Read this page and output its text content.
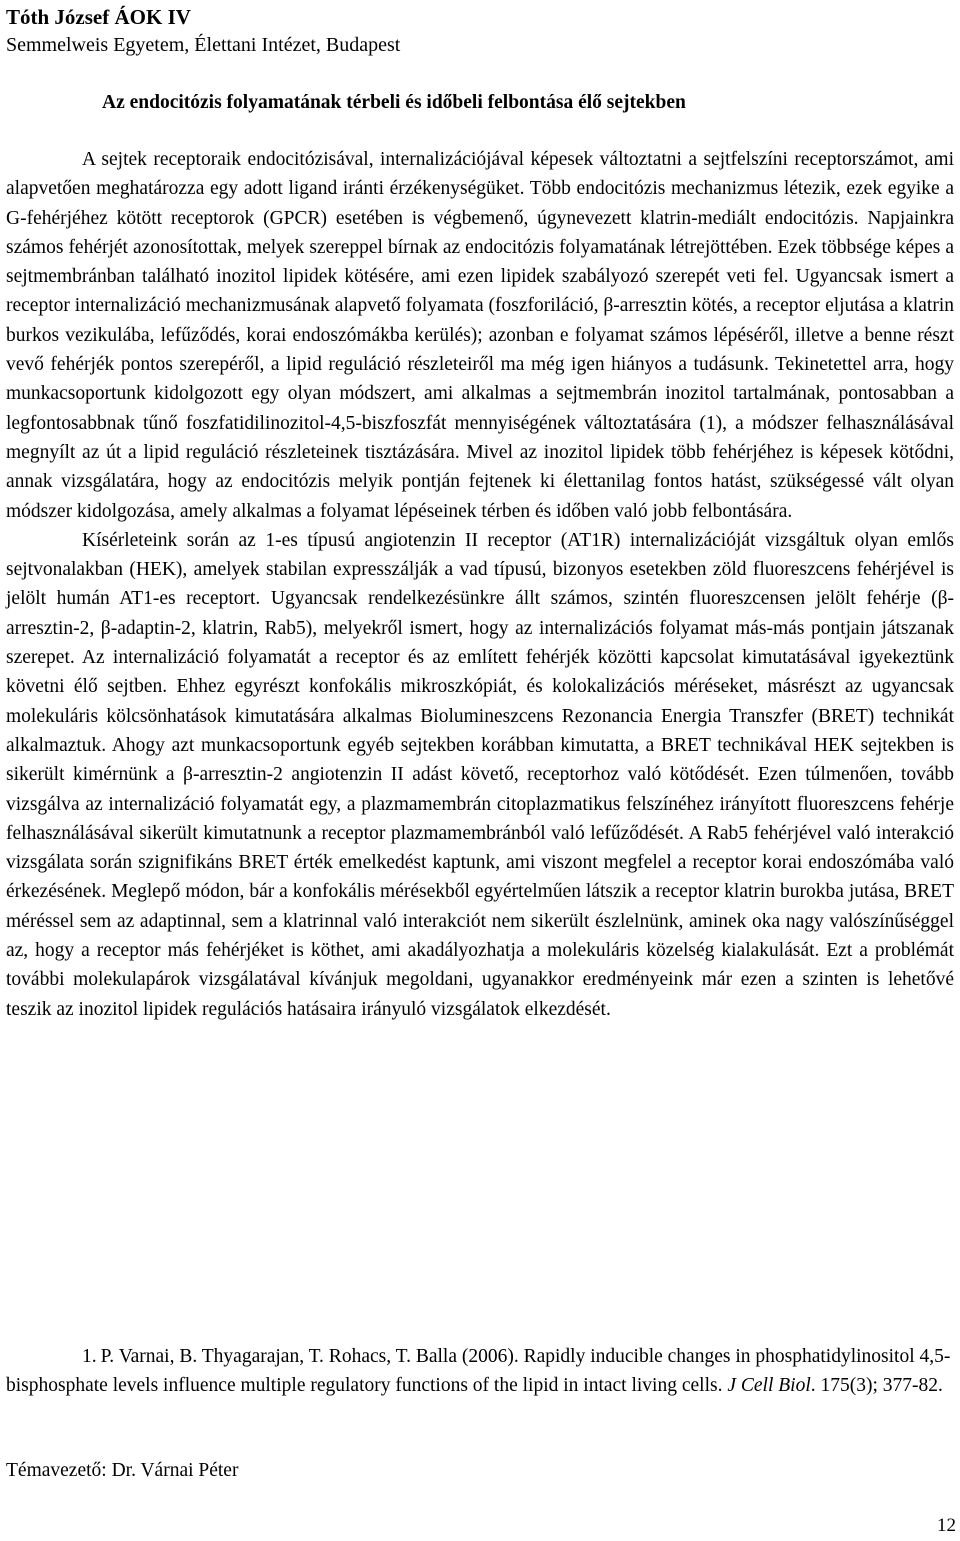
Tóth József ÁOK IV
Semmelweis Egyetem, Élettani Intézet, Budapest
Az endocitózis folyamatának térbeli és időbeli felbontása élő sejtekben

A sejtek receptoraik endocitózisával, internalizációjával képesek változtatni a sejtfelszíni receptorszámot, ami alapvetően meghatározza egy adott ligand iránti érzékenységüket. Több endocitózis mechanizmus létezik, ezek egyike a G-fehérjéhez kötött receptorok (GPCR) esetében is végbemenő, úgynevezett klatrin-mediált endocitózis. Napjainkra számos fehérjét azonosítottak, melyek szereppel bírnak az endocitózis folyamatának létrejöttében. Ezek többsége képes a sejtmembránban található inozitol lipidek kötésére, ami ezen lipidek szabályozó szerepét veti fel. Ugyancsak ismert a receptor internalizáció mechanizmusának alapvető folyamata (foszforiláció, β-arresztin kötés, a receptor eljutása a klatrin burkos vezikulába, lefűződés, korai endoszómákba kerülés); azonban e folyamat számos lépéséről, illetve a benne részt vevő fehérjék pontos szerepéről, a lipid reguláció részleteiről ma még igen hiányos a tudásunk. Tekinetettel arra, hogy munkacsoportunk kidolgozott egy olyan módszert, ami alkalmas a sejtmembrán inozitol tartalmának, pontosabban a legfontosabbnak tűnő foszfatidilinozitol-4,5-biszfoszfát mennyiségének változtatására (1), a módszer felhasználásával megnyílt az út a lipid reguláció részleteinek tisztázására. Mivel az inozitol lipidek több fehérjéhez is képesek kötődni, annak vizsgálatára, hogy az endocitózis melyik pontján fejtenek ki élettanilag fontos hatást, szükségessé vált olyan módszer kidolgozása, amely alkalmas a folyamat lépéseinek térben és időben való jobb felbontására.

Kísérleteink során az 1-es típusú angiotenzin II receptor (AT1R) internalizációját vizsgáltuk olyan emlős sejtvonalakban (HEK), amelyek stabilan expresszálják a vad típusú, bizonyos esetekben zöld fluoreszcens fehérjével is jelölt humán AT1-es receptort. Ugyancsak rendelkezésünkre állt számos, szintén fluoreszcensen jelölt fehérje (β-arresztin-2, β-adaptin-2, klatrin, Rab5), melyekről ismert, hogy az internalizációs folyamat más-más pontjain játszanak szerepet. Az internalizáció folyamatát a receptor és az említett fehérjék közötti kapcsolat kimutatásával igyekeztünk követni élő sejtben. Ehhez egyrészt konfokális mikroszkópiát, és kolokalizációs méréseket, másrészt az ugyancsak molekuláris kölcsönhatások kimutatására alkalmas Biolumineszcens Rezonancia Energia Transzfer (BRET) technikát alkalmaztuk. Ahogy azt munkacsoportunk egyéb sejtekben korábban kimutatta, a BRET technikával HEK sejtekben is sikerült kimérnünk a β-arresztin-2 angiotenzin II adást követő, receptorhoz való kötődését. Ezen túlmenően, tovább vizsgálva az internalizáció folyamatát egy, a plazmamembrán citoplazmatikus felszínéhez irányított fluoreszcens fehérje felhasználásával sikerült kimutatnunk a receptor plazmamembránból való lefűződését. A Rab5 fehérjével való interakció vizsgálata során szignifikáns BRET érték emelkedést kaptunk, ami viszont megfelel a receptor korai endoszómába való érkezésének. Meglepő módon, bár a konfokális mérésekből egyértelműen látszik a receptor klatrin burokba jutása, BRET méréssel sem az adaptinnal, sem a klatrinnal való interakciót nem sikerült észlelnünk, aminek oka nagy valószínűséggel az, hogy a receptor más fehérjéket is köthet, ami akadályozhatja a molekuláris közelség kialakulását. Ezt a problémát további molekulapárok vizsgálatával kívánjuk megoldani, ugyanakkor eredményeink már ezen a szinten is lehetővé teszik az inozitol lipidek regulációs hatásaira irányuló vizsgálatok elkezdését.

1. P. Varnai, B. Thyagarajan, T. Rohacs, T. Balla (2006). Rapidly inducible changes in phosphatidylinositol 4,5-bisphosphate levels influence multiple regulatory functions of the lipid in intact living cells. J Cell Biol. 175(3); 377-82.
Témavezető: Dr. Várnai Péter
12
